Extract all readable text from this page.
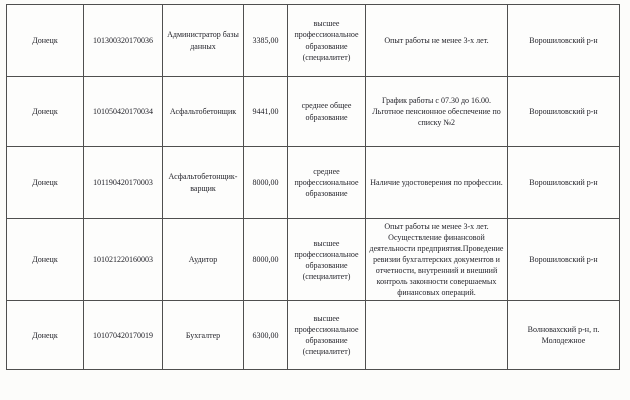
Донецк	101300320170036	Администратор базы данных	3385,00	высшее профессиональное образование (специалитет)	Опыт работы не менее 3-х лет.	Ворошиловский р-н
Донецк	101050420170034	Асфальтобетонщик	9441,00	среднее общее образование	График работы с 07.30 до 16.00. Льготное пенсионное обеспечение по списку №2	Ворошиловский р-н
Донецк	101190420170003	Асфальтобетонщик-варщик	8000,00	среднее профессиональное образование	Наличие удостоверения по профессии.	Ворошиловский р-н
Донецк	101021220160003	Аудитор	8000,00	высшее профессиональное образование (специалитет)	Опыт работы не менее 3-х лет. Осуществление финансовой деятельности предприятия.Проведение ревизии бухгалтерских документов и отчетности, внутренний и внешний контроль законности совершаемых финансовых операций.	Ворошиловский р-н
Донецк	101070420170019	Бухгалтер	6300,00	высшее профессиональное образование (специалитет)		Волновахский р-н, п. Молодежное
